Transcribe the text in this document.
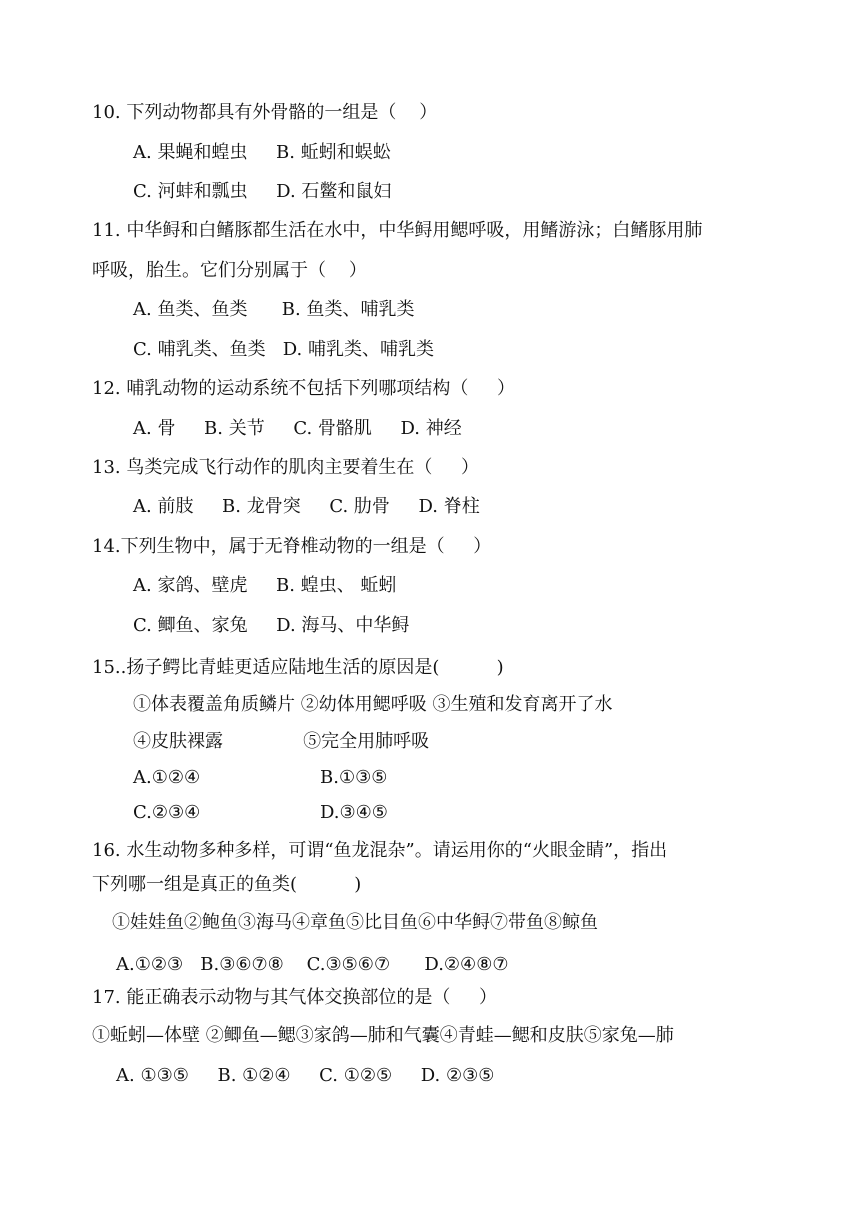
10. 下列动物都具有外骨骼的一组是（    ）
A. 果蝇和蝗虫     B. 蚯蚓和蜈蚣
C. 河蚌和瓢虫     D. 石鳖和鼠妇
11. 中华鲟和白鳍豚都生活在水中，中华鲟用鳃呼吸，用鳍游泳；白鳍豚用肺
呼吸，胎生。它们分别属于（    ）
A. 鱼类、鱼类      B. 鱼类、哺乳类
C. 哺乳类、鱼类   D. 哺乳类、哺乳类
12. 哺乳动物的运动系统不包括下列哪项结构（     ）
A. 骨     B. 关节     C. 骨骼肌     D. 神经
13. 鸟类完成飞行动作的肌肉主要着生在（     ）
A. 前肢     B. 龙骨突     C. 肋骨     D. 脊柱
14.下列生物中，属于无脊椎动物的一组是（     ）
A. 家鸽、壁虎     B. 蝗虫、 蚯蚓
C. 鲫鱼、家兔     D. 海马、中华鲟
15..扬子鳄比青蛙更适应陆地生活的原因是(          )
①体表覆盖角质鳞片 ②幼体用鳃呼吸 ③生殖和发育离开了水
④皮肤裸露              ⑤完全用肺呼吸
A.①②④	B.①③⑤
C.②③④	D.③④⑤
16. 水生动物多种多样，可谓“鱼龙混杂”。请运用你的“火眼金睛”，指出
下列哪一组是真正的鱼类(          )
①娃娃鱼②鲍鱼③海马④章鱼⑤比目鱼⑥中华鲟⑦带鱼⑧鲸鱼
A.①②③   B.③⑥⑦⑧    C.③⑤⑥⑦      D.②④⑧⑦
17. 能正确表示动物与其气体交换部位的是（     ）
①蚯蚓—体壁 ②鲫鱼—鳃③家鸽—肺和气囊④青蛙—鳃和皮肤⑤家兔—肺
A. ①③⑤     B. ①②④     C. ①②⑤     D. ②③⑤
